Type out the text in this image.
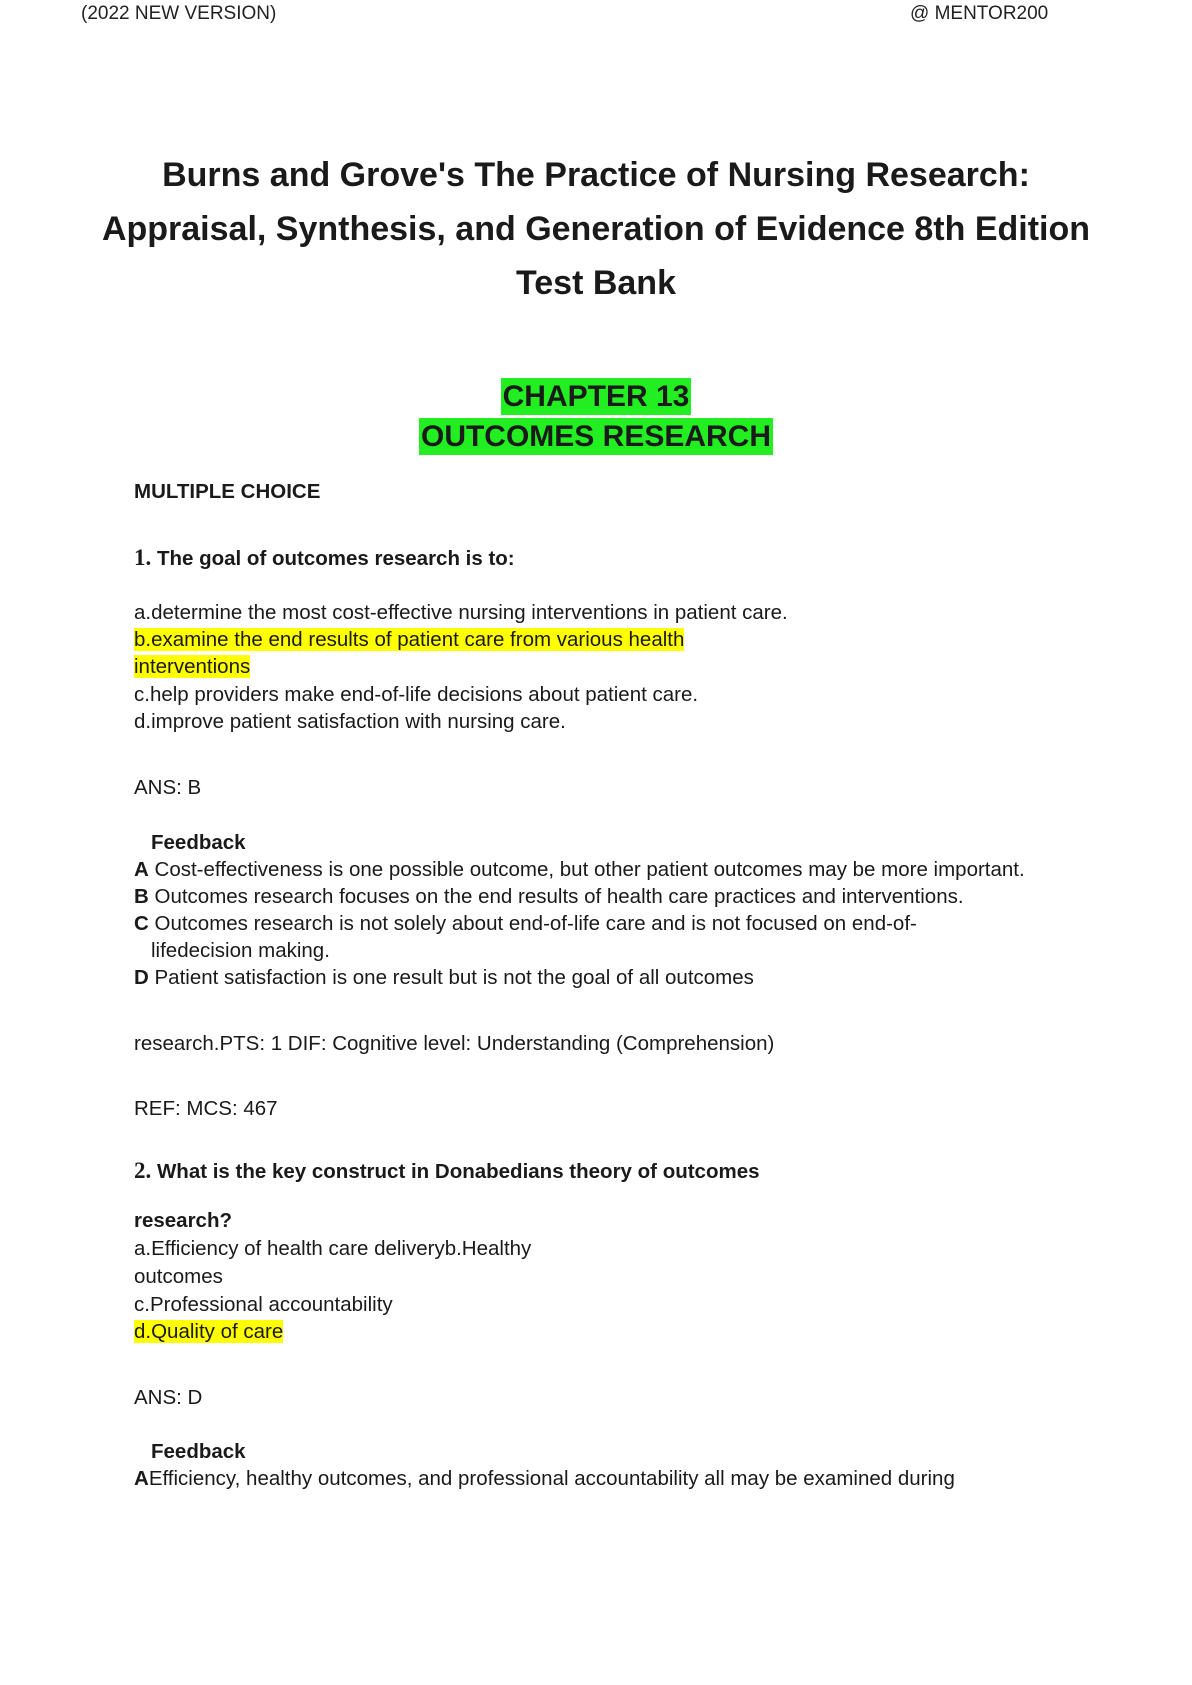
(2022 NEW VERSION)	@ MENTOR200
Burns and Grove's The Practice of Nursing Research:
Appraisal, Synthesis, and Generation of Evidence 8th Edition
Test Bank
CHAPTER 13
OUTCOMES RESEARCH
MULTIPLE CHOICE
1. The goal of outcomes research is to:
a.determine the most cost-effective nursing interventions in patient care.
b.examine the end results of patient care from various health
interventions
c.help providers make end-of-life decisions about patient care.
d.improve patient satisfaction with nursing care.
ANS: B
Feedback
A Cost-effectiveness is one possible outcome, but other patient outcomes may be more important.
B Outcomes research focuses on the end results of health care practices and interventions.
C Outcomes research is not solely about end-of-life care and is not focused on end-of-
lifedecision making.
D Patient satisfaction is one result but is not the goal of all outcomes
research.PTS: 1 DIF: Cognitive level: Understanding (Comprehension)
REF: MCS: 467
2. What is the key construct in Donabedians theory of outcomes
research?
a.Efficiency of health care deliveryb.Healthy
outcomes
c.Professional accountability
d.Quality of care
ANS: D
Feedback
AEfficiency, healthy outcomes, and professional accountability all may be examined during
